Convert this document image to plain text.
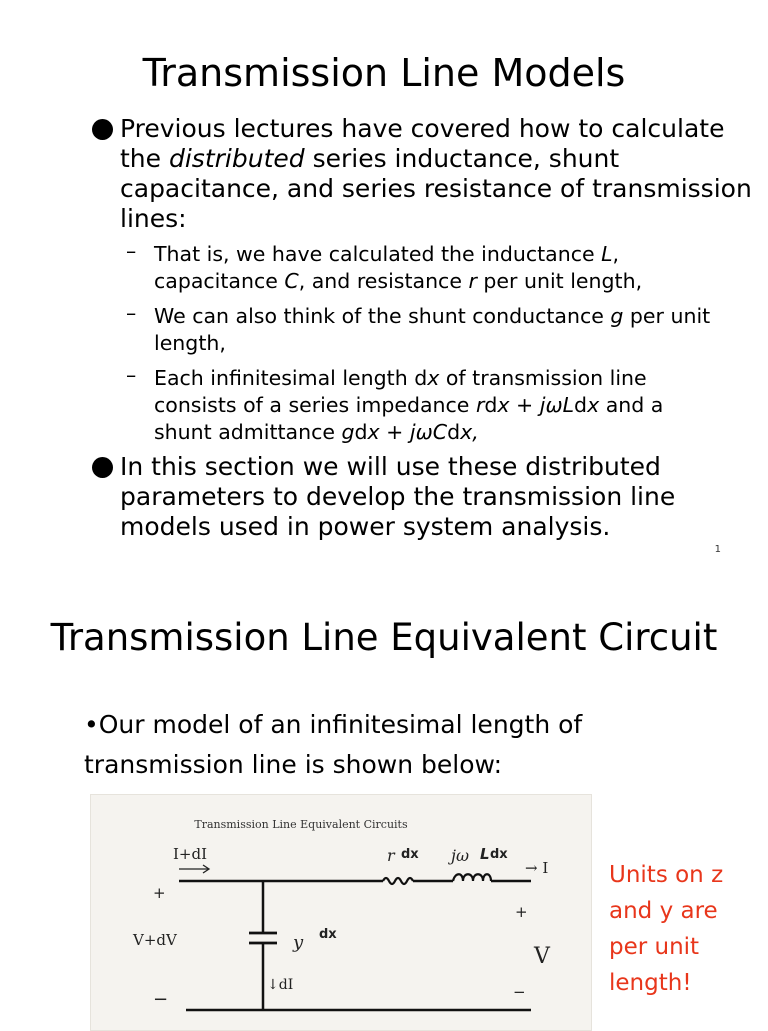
Transmission Line Models
Previous lectures have covered how to calculate the distributed series inductance, shunt capacitance, and series resistance of transmission lines:
– That is, we have calculated the inductance L, capacitance C, and resistance r per unit length,
– We can also think of the shunt conductance g per unit length,
– Each infinitesimal length dx of transmission line consists of a series impedance rdx + jωLdx and a shunt admittance gdx + jωCdx,
In this section we will use these distributed parameters to develop the transmission line models used in power system analysis.
1
Transmission Line Equivalent Circuit
•Our model of an infinitesimal length of transmission line is shown below:
Transmission Line Equivalent Circuits
I+dI	r dx jω L dx
→ I
+
V+dV
−
y dx
↓dI
+
V
−
Units on z and y are per unit length!
